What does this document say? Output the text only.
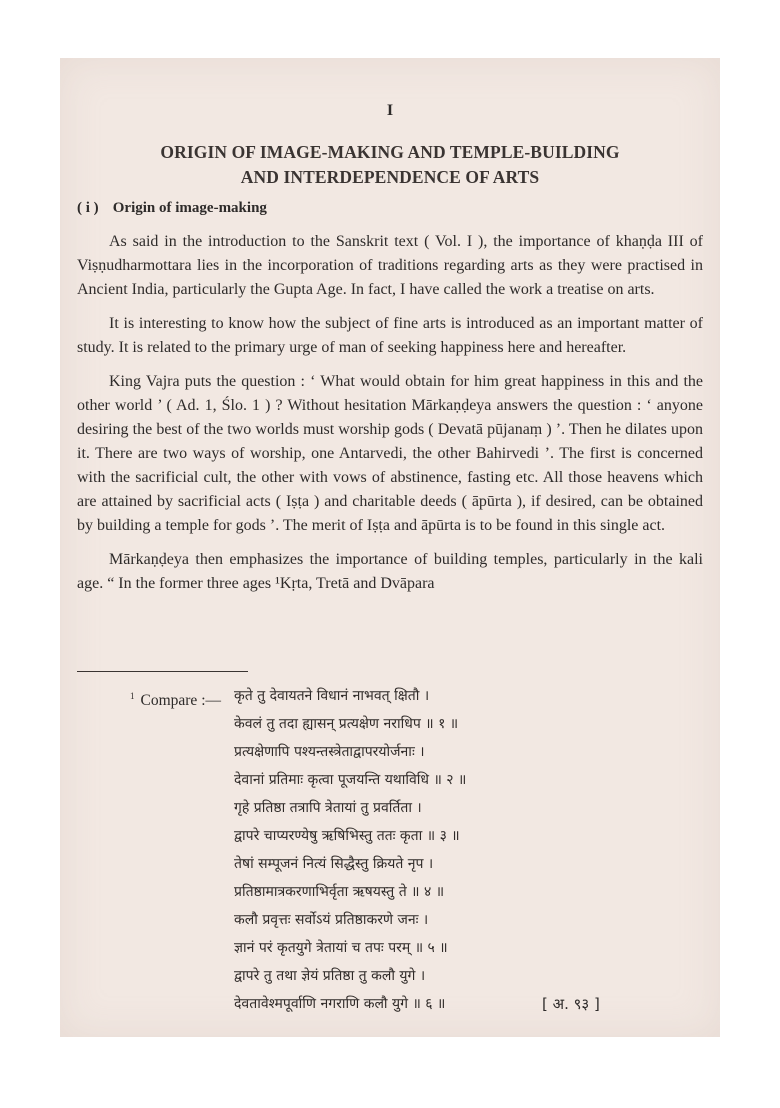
I
ORIGIN OF IMAGE-MAKING AND TEMPLE-BUILDING
AND INTERDEPENDENCE OF ARTS
( i ) Origin of image-making

As said in the introduction to the Sanskrit text ( Vol. I ), the importance of khaṇḍa III of Viṣṇudharmottara lies in the incorporation of traditions regarding arts as they were practised in Ancient India, particularly the Gupta Age. In fact, I have called the work a treatise on arts.

It is interesting to know how the subject of fine arts is introduced as an important matter of study. It is related to the primary urge of man of seeking happiness here and hereafter.

King Vajra puts the question : ‘ What would obtain for him great happiness in this and the other world ’ ( Ad. 1, Ślo. 1 ) ? Without hesitation Mārkaṇḍeya answers the question : ‘ anyone desiring the best of the two worlds must worship gods ( Devatā pūjanaṃ ) ’. Then he dilates upon it. There are two ways of worship, one Antarvedi, the other Bahirvedi ’. The first is concerned with the sacrificial cult, the other with vows of abstinence, fasting etc. All those heavens which are attained by sacrificial acts ( Iṣṭa ) and charitable deeds ( āpūrta ), if desired, can be obtained by building a temple for gods ’. The merit of Iṣṭa and āpūrta is to be found in this single act.

Mārkaṇḍeya then emphasizes the importance of building temples, particularly in the kali age. “ In the former three ages ¹Kṛta, Tretā and Dvāpara

$^1$ Compare :— कृते तु देवायतने विधानं नाभवत् क्षितौ ।
केवलं तु तदा ह्यासन् प्रत्यक्षेण नराधिप ॥ १ ॥
प्रत्यक्षेणापि पश्यन्तस्त्रेताद्वापरयोर्जनाः ।
देवानां प्रतिमाः कृत्वा पूजयन्ति यथाविधि ॥ २ ॥
गृहे प्रतिष्ठा तत्रापि त्रेतायां तु प्रवर्तिता ।
द्वापरे चाप्यरण्येषु ऋषिभिस्तु ततः कृता ॥ ३ ॥
तेषां सम्पूजनं नित्यं सिद्धैस्तु क्रियते नृप ।
प्रतिष्ठामात्रकरणाभिर्वृता ऋषयस्तु ते ॥ ४ ॥
कलौ प्रवृत्तः सर्वोऽयं प्रतिष्ठाकरणे जनः ।
ज्ञानं परं कृतयुगे त्रेतायां च तपः परम् ॥ ५ ॥
द्वापरे तु तथा ज्ञेयं प्रतिष्ठा तु कलौ युगे ।
देवतावेश्मपूर्वाणि नगराणि कलौ युगे ॥ ६ ॥	[ अ. ९३ ]
